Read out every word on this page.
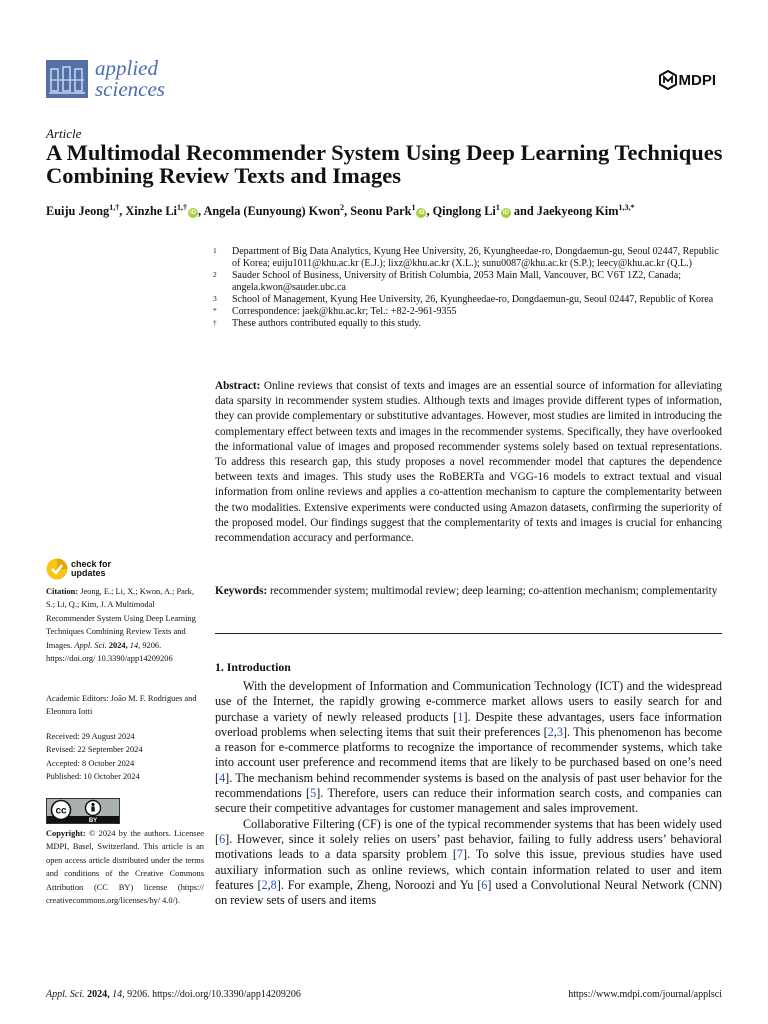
applied
sciences	MDPI
Article
A Multimodal Recommender System Using Deep Learning Techniques Combining Review Texts and Images
Euiju Jeong$^{1,\dagger}$, Xinzhe $Li^{1,\dagger}iD$ , Angela (Eunyoung) Kwon$^2$, Seonu Park$^1$iD , Qinglong Li$^1$iD and Jaekyeong Kim$^{1,3,*}$
1	Department of Big Data Analytics, Kyung Hee University, 26, Kyungheedae-ro, Dongdaemun-gu, Seoul 02447, Republic of Korea; euiju1011@khu.ac.kr (E.J.); lixz@khu.ac.kr (X.L.); sunu0087@khu.ac.kr (S.P.); leecy@khu.ac.kr (Q.L.)
2	Sauder School of Business, University of British Columbia, 2053 Main Mall, Vancouver, BC V6T 1Z2, Canada; angela.kwon@sauder.ubc.ca
3	School of Management, Kyung Hee University, 26, Kyungheedae-ro, Dongdaemun-gu, Seoul 02447, Republic of Korea
*	Correspondence: jaek@khu.ac.kr; Tel.: +82-2-961-9355
†	These authors contributed equally to this study.
Abstract: Online reviews that consist of texts and images are an essential source of information for alleviating data sparsity in recommender system studies. Although texts and images provide different types of information, they can provide complementary or substitutive advantages. However, most studies are limited in introducing the complementary effect between texts and images in the recommender systems. Specifically, they have overlooked the informational value of images and proposed recommender systems solely based on textual representations. To address this research gap, this study proposes a novel recommender model that captures the dependence between texts and images. This study uses the RoBERTa and VGG-16 models to extract textual and visual information from online reviews and applies a co-attention mechanism to capture the complementarity between the two modalities. Extensive experiments were conducted using Amazon datasets, confirming the superiority of the proposed model. Our findings suggest that the complementarity of texts and images is crucial for enhancing recommendation accuracy and performance.
Keywords: recommender system; multimodal review; deep learning; co-attention mechanism; complementarity
1. Introduction

With the development of Information and Communication Technology (ICT) and the widespread use of the Internet, the rapidly growing e-commerce market allows users to easily search for and purchase a variety of newly released products [1]. Despite these advantages, users face information overload problems when selecting items that suit their preferences [2,3]. This phenomenon has become a reason for e-commerce platforms to recognize the importance of recommender systems, which take into account user preference and recommend items that are likely to be purchased based on one’s need [4]. The mechanism behind recommender systems is based on the analysis of past user behavior for the recommendations [5]. Therefore, users can reduce their information search costs, and companies can secure their competitive advantages for customer management and sales improvement.

Collaborative Filtering (CF) is one of the typical recommender systems that has been widely used [6]. However, since it solely relies on users’ past behavior, failing to fully address users’ behavioral motivations leads to a data sparsity problem [7]. To solve this issue, previous studies have used auxiliary information such as online reviews, which contain information related to user and item features [2,8]. For example, Zheng, Noroozi and Yu [6] used a Convolutional Neural Network (CNN) on review sets of users and items

check for
updates
Citation: Jeong, E.; Li, X.; Kwon, A.; Park, S.; Li, Q.; Kim, J. A Multimodal Recommender System Using Deep Learning Techniques Combining Review Texts and Images. Appl. Sci. 2024, 14, 9206. https://doi.org/ 10.3390/app14209206
Academic Editors: João M. F. Rodrigues and Eleonora Iotti
Received: 29 August 2024
Revised: 22 September 2024
Accepted: 8 October 2024
Published: 10 October 2024
cc
BY
Copyright: © 2024 by the authors. Licensee MDPI, Basel, Switzerland. This article is an open access article distributed under the terms and conditions of the Creative Commons Attribution (CC BY) license (https:// creativecommons.org/licenses/by/ 4.0/).
Appl. Sci. 2024, 14, 9206. https://doi.org/10.3390/app14209206	https://www.mdpi.com/journal/applsci
